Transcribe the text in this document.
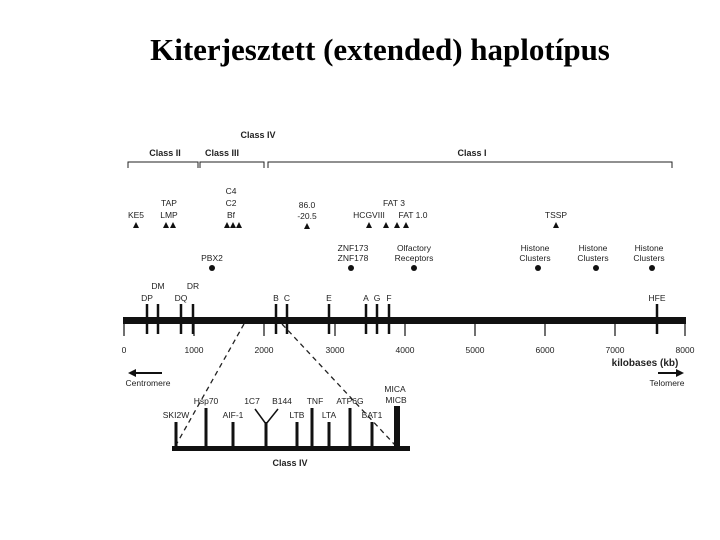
Kiterjesztett (extended) haplotípus
Class IV
Class II	Class III	Class I
KE5
TAP
LMP
C4
C2
Bf
86.0
-20.5	HCGVIII
FAT 3
FAT 1.0	TSSP
PBX2
ZNF173
ZNF178
Olfactory
Receptors
Histone
Clusters
Histone
Clusters
Histone
Clusters
DM	DR
DP	DQ	B C	E	A G F	HFE
0	1000	2000	3000	4000	5000	6000	7000	8000
kilobases (kb)
Centromere	Telomere
SKI2W
Hsp70
AIF-1
1C7 B144 TNF
LTB LTA
ATP6G
BAT1
MICA
MICB
Class IV
